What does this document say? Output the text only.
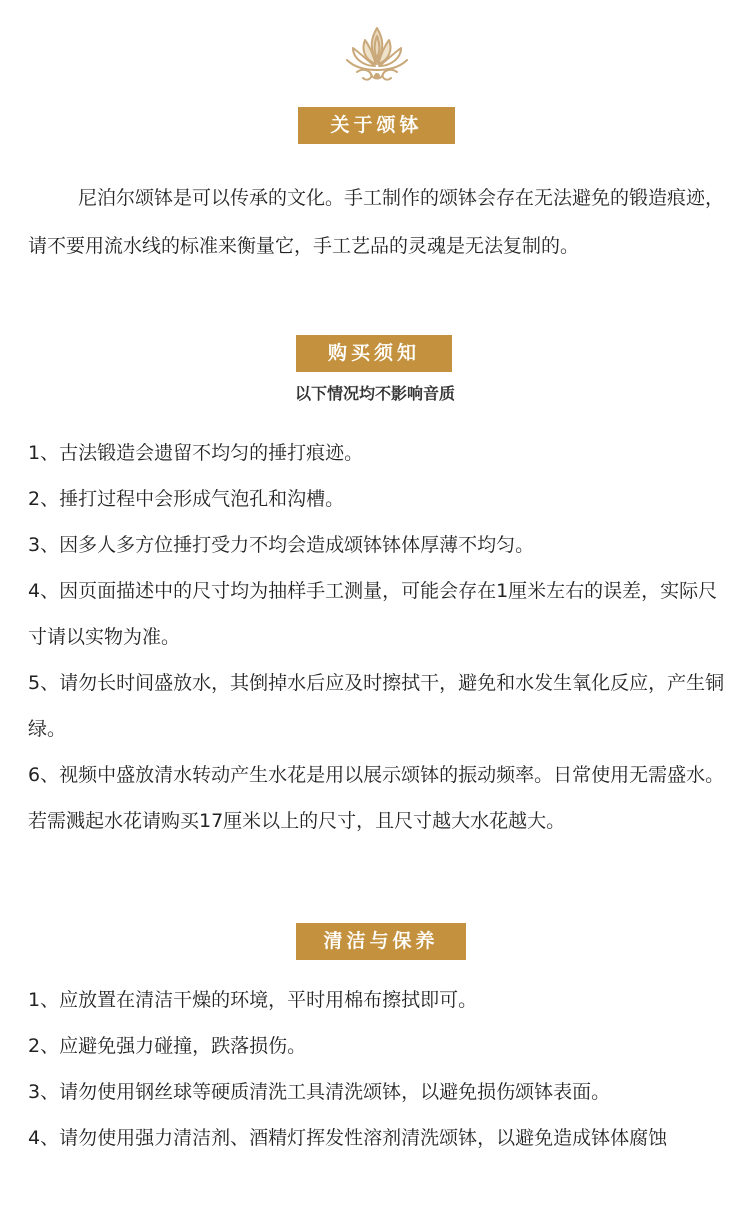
关于颂钵
尼泊尔颂钵是可以传承的文化。手工制作的颂钵会存在无法避免的锻造痕迹，请不要用流水线的标准来衡量它，手工艺品的灵魂是无法复制的。
购买须知
以下情况均不影响音质
1、古法锻造会遗留不均匀的捶打痕迹。
2、捶打过程中会形成气泡孔和沟槽。
3、因多人多方位捶打受力不均会造成颂钵钵体厚薄不均匀。
4、因页面描述中的尺寸均为抽样手工测量，可能会存在1厘米左右的误差，实际尺寸请以实物为准。
5、请勿长时间盛放水，其倒掉水后应及时擦拭干，避免和水发生氧化反应，产生铜绿。
6、视频中盛放清水转动产生水花是用以展示颂钵的振动频率。日常使用无需盛水。若需溅起水花请购买17厘米以上的尺寸，且尺寸越大水花越大。
清洁与保养
1、应放置在清洁干燥的环境，平时用棉布擦拭即可。
2、应避免强力碰撞，跌落损伤。
3、请勿使用钢丝球等硬质清洗工具清洗颂钵，以避免损伤颂钵表面。
4、请勿使用强力清洁剂、酒精灯挥发性溶剂清洗颂钵，以避免造成钵体腐蚀
